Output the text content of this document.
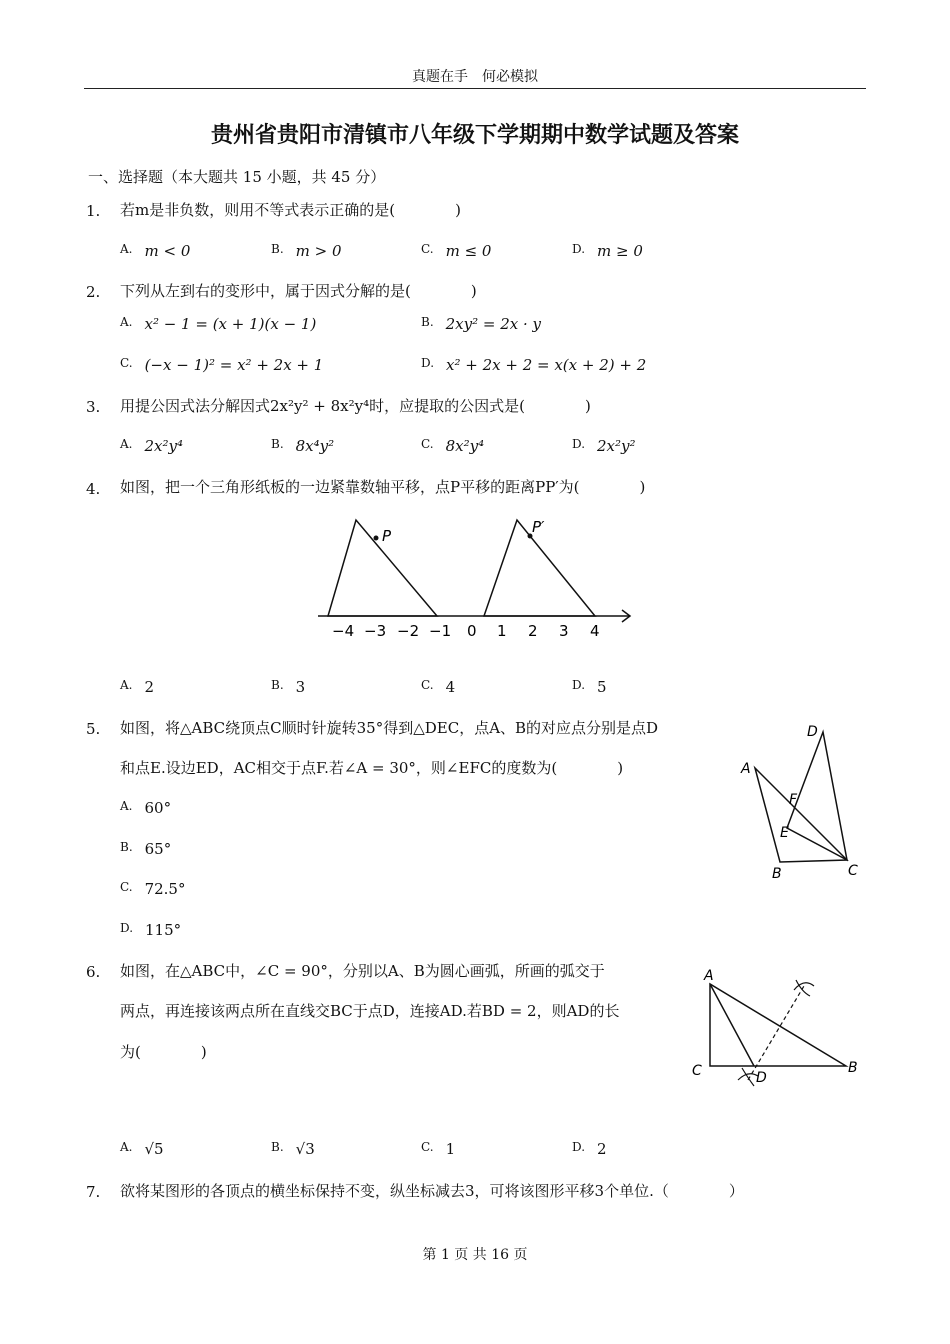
真题在手　何必模拟
贵州省贵阳市清镇市八年级下学期期中数学试题及答案
一、选择题（本大题共 15 小题，共 45 分）
1. 若m是非负数，则用不等式表示正确的是(　　　　)
$^{A.}$ m < 0	$^{B.}$ m > 0	$^{C.}$ m ≤ 0	$^{D.}$ m ≥ 0
2. 下列从左到右的变形中，属于因式分解的是(　　　　)
$^{A.}$ x² − 1 = (x + 1)(x − 1)	$^{B.}$ 2xy² = 2x · y
$^{C.}$ (−x − 1)² = x² + 2x + 1	$^{D.}$ x² + 2x + 2 = x(x + 2) + 2
3. 用提公因式法分解因式2x²y² + 8x²y⁴时，应提取的公因式是(　　　　)
$^{A.}$ 2x²y⁴	$^{B.}$ 8x⁴y²	$^{C.}$ 8x²y⁴	$^{D.}$ 2x²y²
4. 如图，把一个三角形纸板的一边紧靠数轴平移，点P平移的距离PP′为(　　　　)
P	P′
−4 −3 −2 −1 0 1 2 3 4
$^{A.}$ 2	$^{B.}$ 3	$^{C.}$ 4	$^{D.}$ 5
5. 如图，将△ABC绕顶点C顺时针旋转35°得到△DEC，点A、B的对应点分别是点D
和点E.设边ED，AC相交于点F.若∠A = 30°，则∠EFC的度数为(　　　　)
$^{A.}$ 60°
$^{B.}$ 65°
$^{C.}$ 72.5°
$^{D.}$ 115°
A
B	C
D
E
F
6. 如图，在△ABC中，∠C = 90°，分别以A、B为圆心画弧，所画的弧交于
两点，再连接该两点所在直线交BC于点D，连接AD.若BD = 2，则AD的长
为(　　　　)
A
B
C	D
$^{A.}$ √5	$^{B.}$ √3	$^{C.}$ 1	$^{D.}$ 2
7. 欲将某图形的各顶点的横坐标保持不变，纵坐标减去3，可将该图形平移3个单位.（　　　　）
第 1 页 共 16 页
